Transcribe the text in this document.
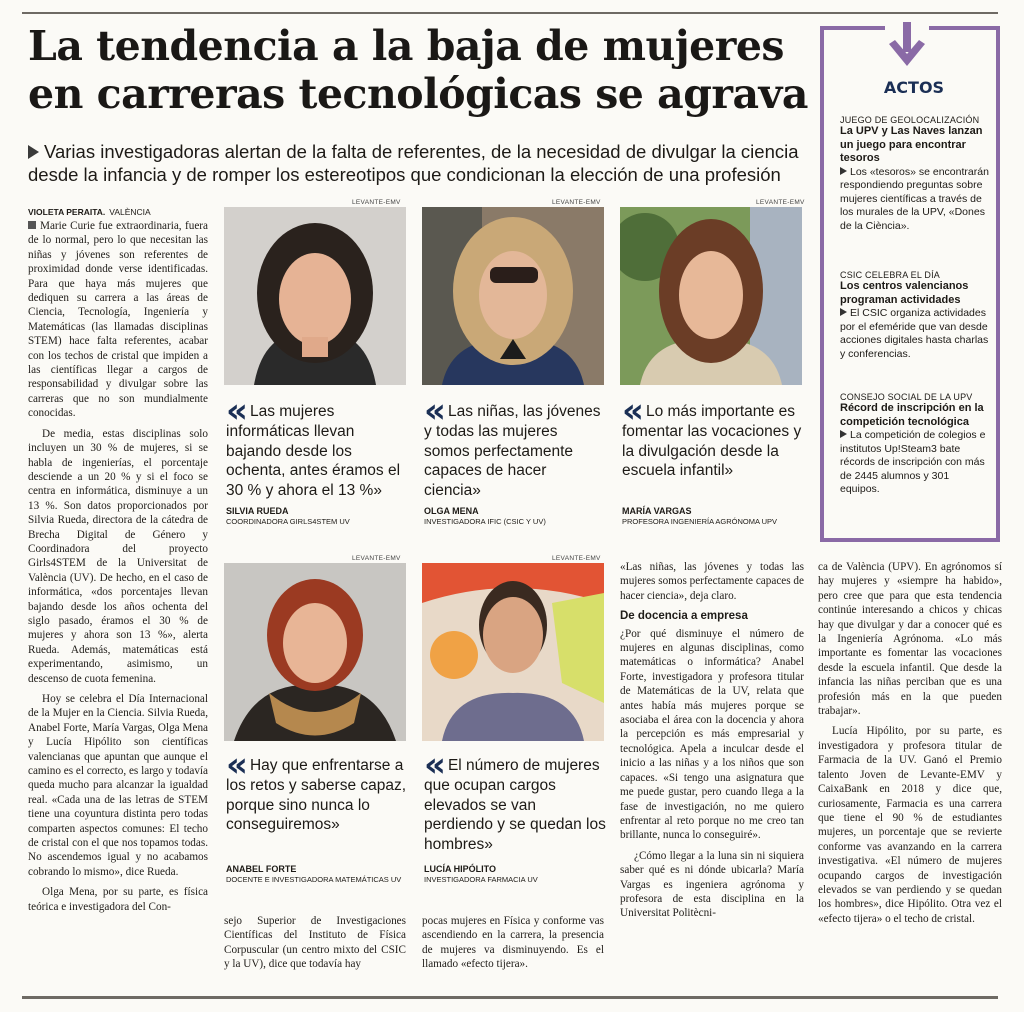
La tendencia a la baja de mujeres
en carreras tecnológicas se agrava
Varias investigadoras alertan de la falta de referentes, de la necesidad de divulgar la ciencia desde la infancia y de romper los estereotipos que condicionan la elección de una profesión
VIOLETA PERAITA. VALÈNCIA

Marie Curie fue extraordinaria, fuera de lo normal, pero lo que necesitan las niñas y jóvenes son referentes de proximidad donde verse identificadas. Para que haya más mujeres que dediquen su carrera a las áreas de Ciencia, Tecnología, Ingeniería y Matemáticas (las llamadas disciplinas STEM) hace falta referentes, acabar con los techos de cristal que impiden a las científicas llegar a cargos de responsabilidad y divulgar sobre las carreras que no son mundialmente conocidas.

De media, estas disciplinas solo incluyen un 30 % de mujeres, si se habla de ingenierías, el porcentaje desciende a un 20 % y si el foco se centra en informática, disminuye a un 13 %. Son datos proporcionados por Silvia Rueda, directora de la cátedra de Brecha Digital de Género y Coordinadora del proyecto Girls4STEM de la Universitat de València (UV). De hecho, en el caso de informática, «dos porcentajes llevan bajando desde los años ochenta del siglo pasado, éramos el 30 % de mujeres y ahora son 13 %», alerta Rueda. Además, matemáticas está experimentando, asimismo, un descenso de cuota femenina.

Hoy se celebra el Día Internacional de la Mujer en la Ciencia. Silvia Rueda, Anabel Forte, María Vargas, Olga Mena y Lucía Hipólito son científicas valencianas que apuntan que aunque el camino es el correcto, es largo y todavía queda mucho para alcanzar la igualdad real. «Cada una de las letras de STEM tiene una coyuntura distinta pero todas comparten aspectos comunes: El techo de cristal con el que nos topamos todas. No ascendemos igual y no acabamos cobrando lo mismo», dice Rueda.

Olga Mena, por su parte, es física teórica e investigadora del Con-

LEVANTE-EMV	LEVANTE-EMV	LEVANTE-EMV
« Las mujeres informáticas llevan bajando desde los ochenta, antes éramos el 30 % y ahora el 13 %»
SILVIA RUEDA
COORDINADORA GIRLS4STEM UV
« Las niñas, las jóvenes y todas las mujeres somos perfectamente capaces de hacer ciencia»
OLGA MENA
INVESTIGADORA IFIC (CSIC Y UV)
« Lo más importante es fomentar las vocaciones y la divulgación desde la escuela infantil»
MARÍA VARGAS
PROFESORA INGENIERÍA AGRÓNOMA UPV
LEVANTE-EMV	LEVANTE-EMV
« Hay que enfrentarse a los retos y saberse capaz, porque sino nunca lo conseguiremos»
ANABEL FORTE
DOCENTE E INVESTIGADORA MATEMÁTICAS UV
« El número de mujeres que ocupan cargos elevados se van perdiendo y se quedan los hombres»
LUCÍA HIPÓLITO
INVESTIGADORA FARMACIA UV

sejo Superior de Investigaciones Científicas del Instituto de Física Corpuscular (un centro mixto del CSIC y la UV), dice que todavía hay

pocas mujeres en Física y conforme vas ascendiendo en la carrera, la presencia de mujeres va disminuyendo. Es el llamado «efecto tijera».

«Las niñas, las jóvenes y todas las mujeres somos perfectamente capaces de hacer ciencia», deja claro.

De docencia a empresa

¿Por qué disminuye el número de mujeres en algunas disciplinas, como matemáticas o informática? Anabel Forte, investigadora y profesora titular de Matemáticas de la UV, relata que antes había más mujeres porque se asociaba el área con la docencia y ahora la percepción es más empresarial y tecnológica. Apela a inculcar desde el inicio a las niñas y a los niños que son capaces. «Si tengo una asignatura que me puede gustar, pero cuando llega a la fase de investigación, no me quiero enfrentar al reto porque no me creo tan brillante, nunca lo conseguiré».

¿Cómo llegar a la luna sin ni siquiera saber qué es ni dónde ubicarla? María Vargas es ingeniera agrónoma y profesora de esta disciplina en la Universitat Politècni-

ca de València (UPV). En agrónomos sí hay mujeres y «siempre ha habido», pero cree que para que esta tendencia continúe interesando a chicos y chicas hay que divulgar y dar a conocer qué es la Ingeniería Agrónoma. «Lo más importante es fomentar las vocaciones desde la escuela infantil. Que desde la infancia las niñas perciban que es una profesión más en la que pueden trabajar».

Lucía Hipólito, por su parte, es investigadora y profesora titular de Farmacia de la UV. Ganó el Premio talento Joven de Levante-EMV y CaixaBank en 2018 y dice que, curiosamente, Farmacia es una carrera que tiene el 90 % de estudiantes mujeres, un porcentaje que se revierte conforme vas avanzando en la carrera investigativa. «El número de mujeres ocupando cargos de investigación elevados se van perdiendo y se quedan los hombres», dice Hipólito. Otra vez el «efecto tijera» o el techo de cristal.

ACTOS
JUEGO DE GEOLOCALIZACIÓN
La UPV y Las Naves lanzan un juego para encontrar tesoros
Los «tesoros» se encontrarán respondiendo preguntas sobre mujeres científicas a través de los murales de la UPV, «Dones de la Ciència».
CSIC CELEBRA EL DÍA
Los centros valencianos programan actividades
El CSIC organiza actividades por el efeméride que van desde acciones digitales hasta charlas y conferencias.
CONSEJO SOCIAL DE LA UPV
Récord de inscripción en la competición tecnológica
La competición de colegios e institutos Up!Steam3 bate récords de inscripción con más de 2445 alumnos y 301 equipos.
